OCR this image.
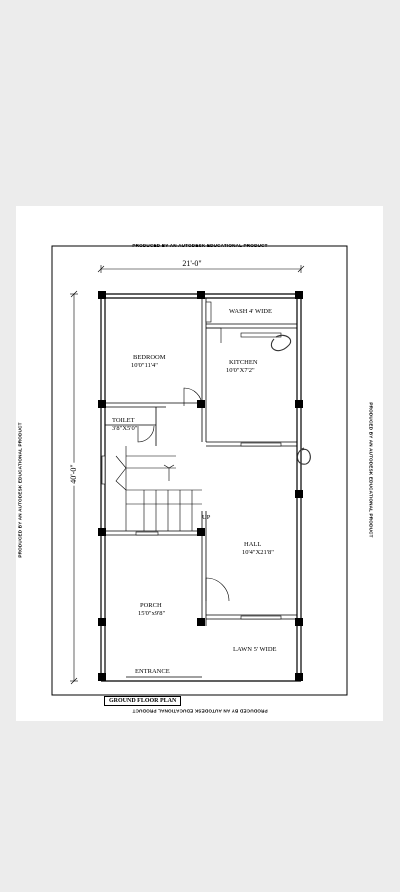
PRODUCED BY AN AUTODESK EDUCATIONAL PRODUCT
PRODUCED BY AN AUTODESK EDUCATIONAL PRODUCT
PRODUCED BY AN AUTODESK EDUCATIONAL PRODUCT	PRODUCED BY AN AUTODESK EDUCATIONAL PRODUCT
21'-0"
40'-0"
WASH 4' WIDE
BEDROOM
10'0"11'4"	KITCHEN
10'0"X7'2"
TOILET
3'8"X5'0"
UP
HALL
10'4"X21'8"
PORCH
15'0"x9'8"
LAWN 5' WIDE
ENTRANCE
GROUND FLOOR PLAN
